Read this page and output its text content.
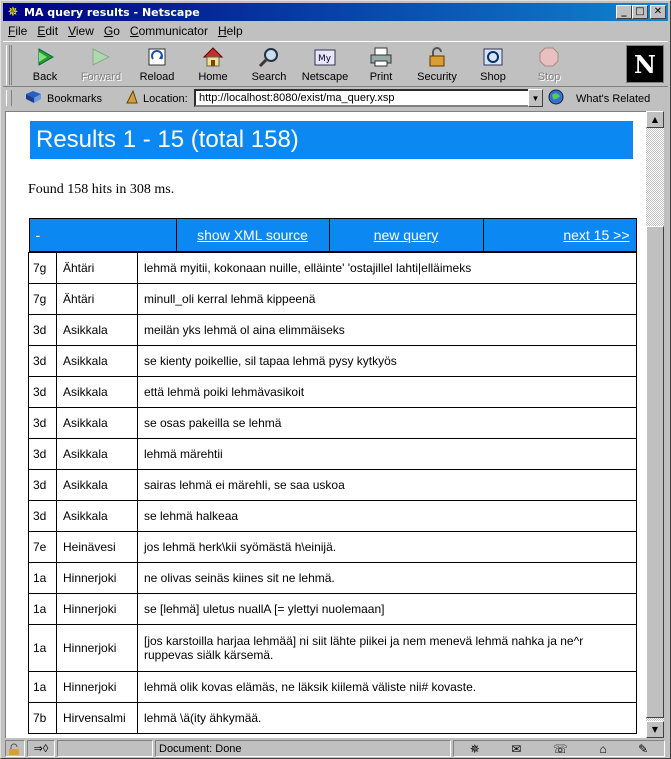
✵ MA query results - Netscape	_ □ ✕
File Edit View Go Communicator Help
Back Forward Reload Home Search
My
Netscape Print Security Shop	Stop	N
Bookmarks	Location:	http://localhost:8080/exist/ma_query.xsp	▼	What's Related
Results 1 - 15 (total 158)
Found 158 hits in 308 ms.
-	show XML source	new query	next 15 >>

7g	Ähtäri	lehmä myitii, kokonaan nuille, elläinte' 'ostajillel lahti|elläimeks
7g	Ähtäri	minull_oli kerral lehmä kippeenä
3d	Asikkala	meilän yks lehmä ol aina elimmäiseks
3d	Asikkala	se kienty poikellie, sil tapaa lehmä pysy kytkyös
3d	Asikkala	että lehmä poiki lehmävasikoit
3d	Asikkala	se osas pakeilla se lehmä
3d	Asikkala	lehmä märehtii
3d	Asikkala	sairas lehmä ei märehli, se saa uskoa
3d	Asikkala	se lehmä halkeaa
7e	Heinävesi	jos lehmä herk\kii syömästä h\einijä.
1a	Hinnerjoki	ne olivas seinäs kiines sit ne lehmä.
1a	Hinnerjoki	se [lehmä] uletus nuallA [= ylettyi nuolemaan]
1a	Hinnerjoki	[jos karstoilla harjaa lehmää] ni siit lähte piikei ja nem menevä lehmä nahka ja ne^r ruppevas siälk kärsemä.
1a	Hinnerjoki	lehmä olik kovas elämäs, ne läksik kiilemä väliste nii# kovaste.
7b	Hirvensalmi	lehmä \ä(ity ähkymää.
▲
▼
⇒◊	Document: Done	✵	✉	☏	⌂	✎
